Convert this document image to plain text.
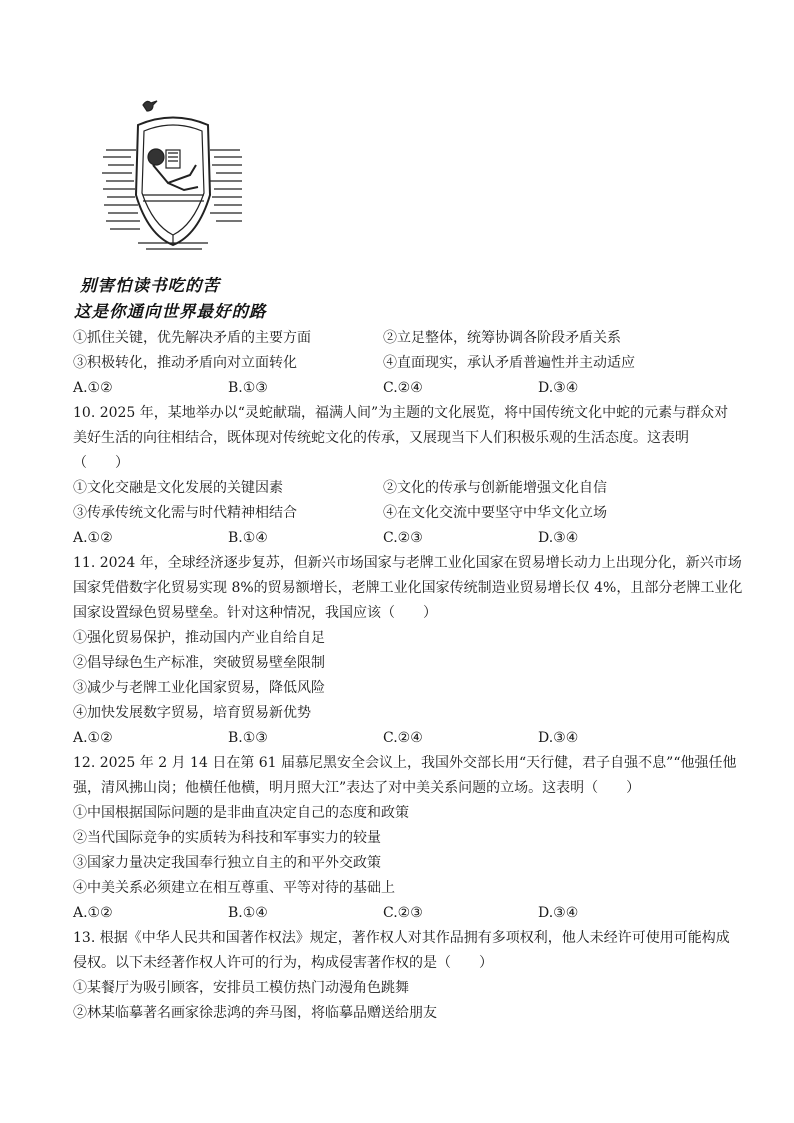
别害怕读书吃的苦
这是你通向世界最好的路
①抓住关键，优先解决矛盾的主要方面	②立足整体，统筹协调各阶段矛盾关系
③积极转化，推动矛盾向对立面转化	④直面现实，承认矛盾普遍性并主动适应
A.①②	B.①③	C.②④	D.③④
10. 2025 年，某地举办以“灵蛇献瑞，福满人间”为主题的文化展览，将中国传统文化中蛇的元素与群众对
美好生活的向往相结合，既体现对传统蛇文化的传承，又展现当下人们积极乐观的生活态度。这表明
（　　）
①文化交融是文化发展的关键因素	②文化的传承与创新能增强文化自信
③传承传统文化需与时代精神相结合	④在文化交流中要坚守中华文化立场
A.①②	B.①④	C.②③	D.③④
11. 2024 年，全球经济逐步复苏，但新兴市场国家与老牌工业化国家在贸易增长动力上出现分化，新兴市场
国家凭借数字化贸易实现 8%的贸易额增长，老牌工业化国家传统制造业贸易增长仅 4%，且部分老牌工业化
国家设置绿色贸易壁垒。针对这种情况，我国应该（　　）
①强化贸易保护，推动国内产业自给自足
②倡导绿色生产标准，突破贸易壁垒限制
③减少与老牌工业化国家贸易，降低风险
④加快发展数字贸易，培育贸易新优势
A.①②	B.①③	C.②④	D.③④
12. 2025 年 2 月 14 日在第 61 届慕尼黑安全会议上，我国外交部长用“天行健，君子自强不息”“他强任他
强，清风拂山岗；他横任他横，明月照大江”表达了对中美关系问题的立场。这表明（　　）
①中国根据国际问题的是非曲直决定自己的态度和政策
②当代国际竞争的实质转为科技和军事实力的较量
③国家力量决定我国奉行独立自主的和平外交政策
④中美关系必须建立在相互尊重、平等对待的基础上
A.①②	B.①④	C.②③	D.③④
13. 根据《中华人民共和国著作权法》规定，著作权人对其作品拥有多项权利，他人未经许可使用可能构成
侵权。以下未经著作权人许可的行为，构成侵害著作权的是（　　）
①某餐厅为吸引顾客，安排员工模仿热门动漫角色跳舞
②林某临摹著名画家徐悲鸿的奔马图，将临摹品赠送给朋友
